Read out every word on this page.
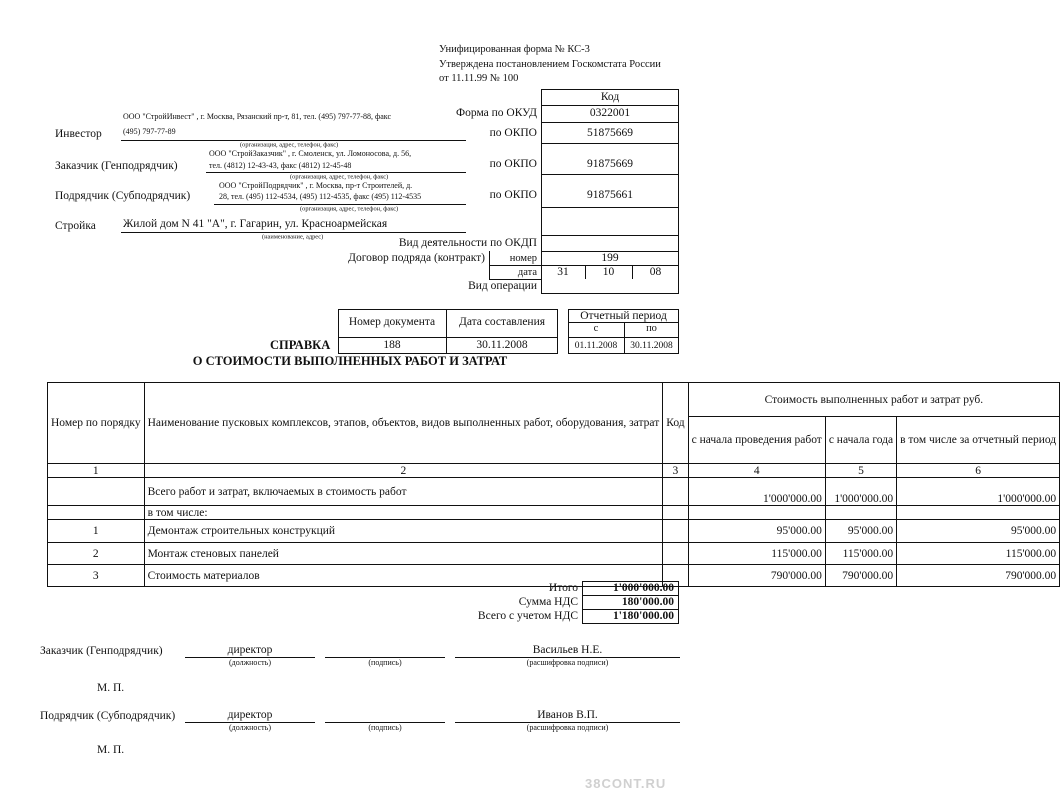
Унифицированная форма № КС-3
Утверждена постановлением Госкомстата России
от 11.11.99 № 100
Код
Форма по ОКУД	0322001
по ОКПО	51875669
по ОКПО	91875669
по ОКПО	91875661
Вид деятельности по ОКДП
Договор подряда (контракт)	номер	199
дата	31	10	08
Вид операции
Инвестор
ООО "СтройИнвест" , г. Москва, Рязанский пр-т, 81, тел. (495) 797-77-88, факс
(495) 797-77-89
(организация, адрес, телефон, факс)
Заказчик (Генподрядчик)
ООО "СтройЗаказчик" , г. Смоленск, ул. Ломоносова, д. 56,
тел. (4812) 12-43-43, факс (4812) 12-45-48
(организация, адрес, телефон, факс)
Подрядчик (Субподрядчик)
ООО "СтройПодрядчик" , г. Москва, пр-т Строителей, д.
28, тел. (495) 112-4534, (495) 112-4535, факс (495) 112-4535
(организация, адрес, телефон, факс)
Стройка Жилой дом N 41 "А", г. Гагарин, ул. Красноармейская
(наименование, адрес)
Номер документа	Дата составления
188	30.11.2008
СПРАВКА
О СТОИМОСТИ ВЫПОЛНЕННЫХ РАБОТ И ЗАТРАТ
Отчетный период
с	по
01.11.2008	30.11.2008
Номер по порядку	Наименование пусковых комплексов, этапов, объектов, видов выполненных работ, оборудования, затрат	Код	Стоимость выполненных работ и затрат руб.		
			с начала проведения работ	с начала года	в том числе за отчетный период
1	2	3	4	5	6
	Всего работ и затрат, включаемых в стоимость работ		1'000'000.00	1'000'000.00	1'000'000.00
	в том числе:				
1	Демонтаж строительных конструкций		95'000.00	95'000.00	95'000.00
2	Монтаж стеновых панелей		115'000.00	115'000.00	115'000.00
3	Стоимость материалов		790'000.00	790'000.00	790'000.00
Итого	1'000'000.00
Сумма НДС	180'000.00
Всего с учетом НДС	1'180'000.00
Заказчик (Генподрядчик)	директор
(должность)	(подпись)
Васильев Н.Е.
(расшифровка подписи)
М. П.
Подрядчик (Субподрядчик)	директор
(должность)	(подпись)
Иванов В.П.
(расшифровка подписи)
М. П.
38CONT.RU
